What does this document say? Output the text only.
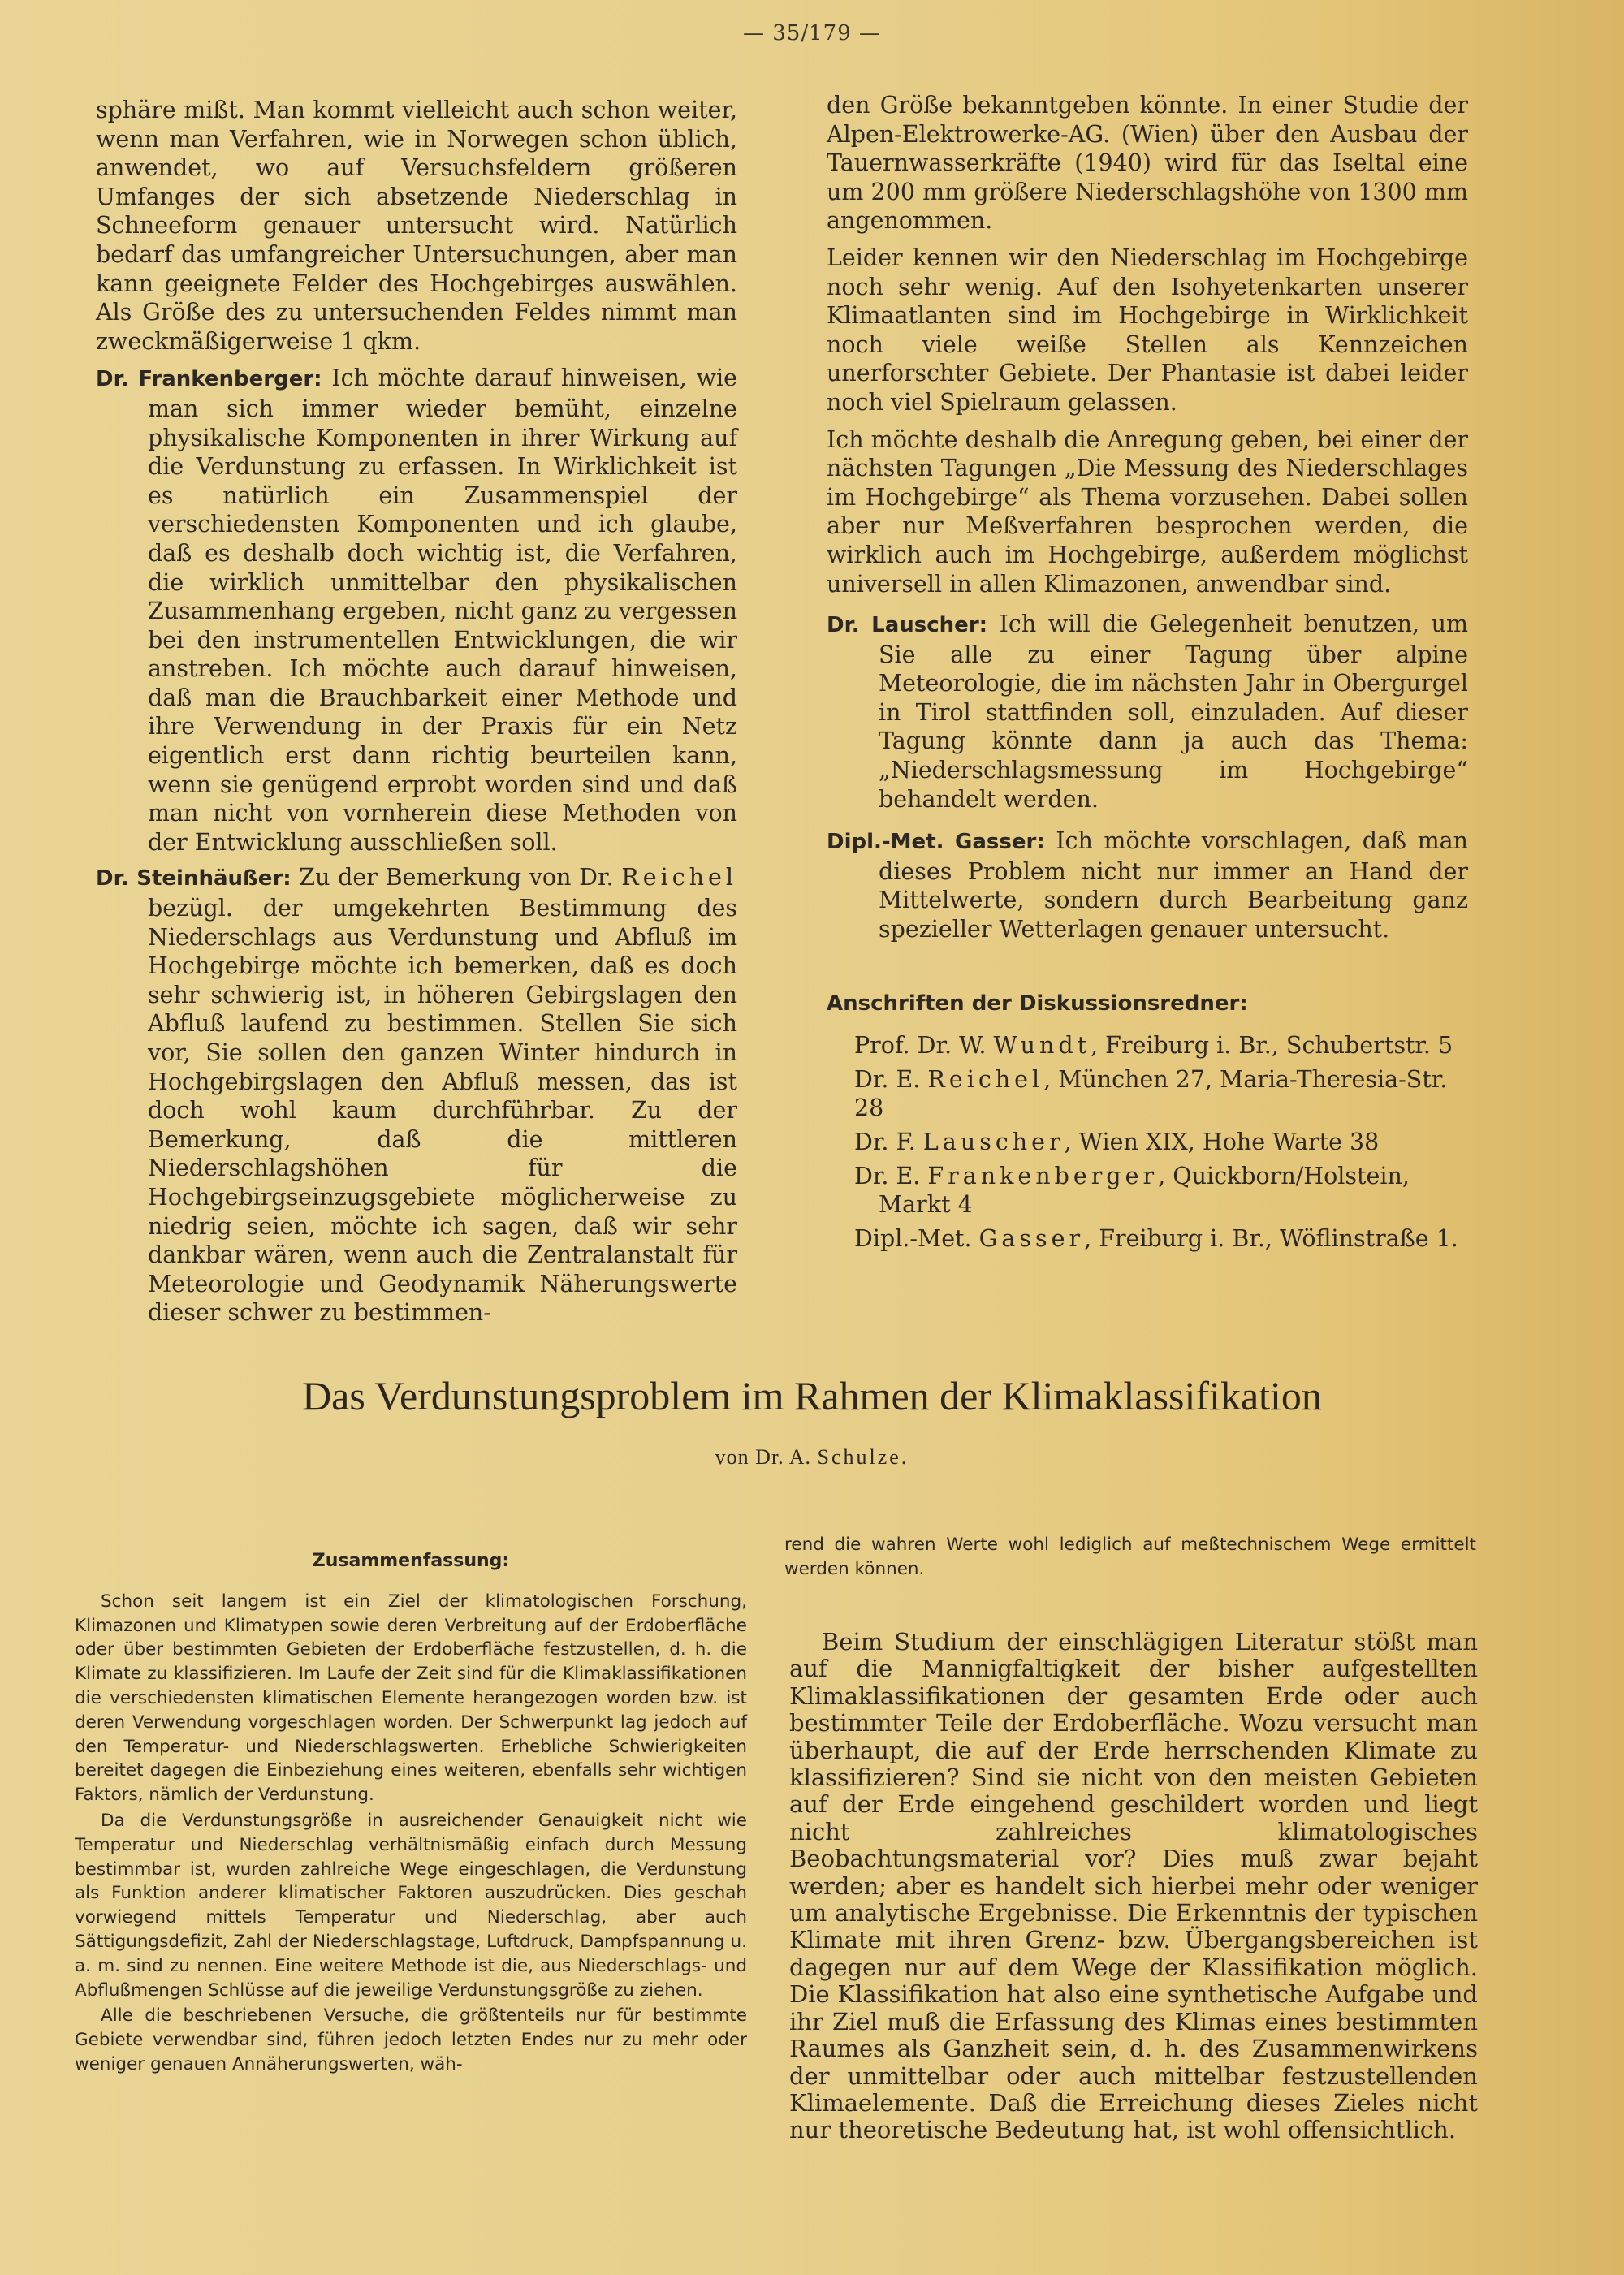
— 35/179 —

sphäre mißt. Man kommt vielleicht auch schon weiter, wenn man Verfahren, wie in Norwegen schon üblich, anwendet, wo auf Versuchsfeldern größeren Umfanges der sich absetzende Niederschlag in Schneeform genauer untersucht wird. Natürlich bedarf das umfangreicher Untersuchungen, aber man kann geeignete Felder des Hochgebirges auswählen. Als Größe des zu untersuchenden Feldes nimmt man zweckmäßigerweise 1 qkm.

Dr. Frankenberger: Ich möchte darauf hinweisen, wie man sich immer wieder bemüht, einzelne physikalische Komponenten in ihrer Wirkung auf die Verdunstung zu erfassen. In Wirklichkeit ist es natürlich ein Zusammenspiel der verschiedensten Komponenten und ich glaube, daß es deshalb doch wichtig ist, die Verfahren, die wirklich unmittelbar den physikalischen Zusammenhang ergeben, nicht ganz zu vergessen bei den instrumentellen Entwicklungen, die wir anstreben. Ich möchte auch darauf hinweisen, daß man die Brauchbarkeit einer Methode und ihre Verwendung in der Praxis für ein Netz eigentlich erst dann richtig beurteilen kann, wenn sie genügend erprobt worden sind und daß man nicht von vornherein diese Methoden von der Entwicklung ausschließen soll.
Dr. Steinhäußer: Zu der Bemerkung von Dr. Reichel bezügl. der umgekehrten Bestimmung des Niederschlags aus Verdunstung und Abfluß im Hochgebirge möchte ich bemerken, daß es doch sehr schwierig ist, in höheren Gebirgslagen den Abfluß laufend zu bestimmen. Stellen Sie sich vor, Sie sollen den ganzen Winter hindurch in Hochgebirgslagen den Abfluß messen, das ist doch wohl kaum durchführbar. Zu der Bemerkung, daß die mittleren Niederschlagshöhen für die Hochgebirgseinzugsgebiete möglicherweise zu niedrig seien, möchte ich sagen, daß wir sehr dankbar wären, wenn auch die Zentralanstalt für Meteorologie und Geodynamik Näherungswerte dieser schwer zu bestimmen-

den Größe bekanntgeben könnte. In einer Studie der Alpen-Elektrowerke-AG. (Wien) über den Ausbau der Tauernwasserkräfte (1940) wird für das Iseltal eine um 200 mm größere Niederschlagshöhe von 1300 mm angenommen.

Leider kennen wir den Niederschlag im Hochgebirge noch sehr wenig. Auf den Isohyetenkarten unserer Klimaatlanten sind im Hochgebirge in Wirklichkeit noch viele weiße Stellen als Kennzeichen unerforschter Gebiete. Der Phantasie ist dabei leider noch viel Spielraum gelassen.

Ich möchte deshalb die Anregung geben, bei einer der nächsten Tagungen „Die Messung des Niederschlages im Hochgebirge“ als Thema vorzusehen. Dabei sollen aber nur Meßverfahren besprochen werden, die wirklich auch im Hochgebirge, außerdem möglichst universell in allen Klimazonen, anwendbar sind.

Dr. Lauscher: Ich will die Gelegenheit benutzen, um Sie alle zu einer Tagung über alpine Meteorologie, die im nächsten Jahr in Obergurgel in Tirol stattfinden soll, einzuladen. Auf dieser Tagung könnte dann ja auch das Thema: „Niederschlagsmessung im Hochgebirge“ behandelt werden.
Dipl.-Met. Gasser: Ich möchte vorschlagen, daß man dieses Problem nicht nur immer an Hand der Mittelwerte, sondern durch Bearbeitung ganz spezieller Wetterlagen genauer untersucht.
Anschriften der Diskussionsredner:
Prof. Dr. W. Wundt, Freiburg i. Br., Schubertstr. 5
Dr. E. Reichel, München 27, Maria-Theresia-Str. 28
Dr. F. Lauscher, Wien XIX, Hohe Warte 38
Dr. E. Frankenberger, Quickborn/Holstein,
Markt 4
Dipl.-Met. Gasser, Freiburg i. Br., Wöflinstraße 1.
Das Verdunstungsproblem im Rahmen der Klimaklassifikation
von Dr. A. Schulze.
Zusammenfassung:

Schon seit langem ist ein Ziel der klimatologischen Forschung, Klimazonen und Klimatypen sowie deren Verbreitung auf der Erdoberfläche oder über bestimmten Gebieten der Erdoberfläche festzustellen, d. h. die Klimate zu klassifizieren. Im Laufe der Zeit sind für die Klimaklassifikationen die verschiedensten klimatischen Elemente herangezogen worden bzw. ist deren Verwendung vorgeschlagen worden. Der Schwerpunkt lag jedoch auf den Temperatur- und Niederschlagswerten. Erhebliche Schwierigkeiten bereitet dagegen die Einbeziehung eines weiteren, ebenfalls sehr wichtigen Faktors, nämlich der Verdunstung.

Da die Verdunstungsgröße in ausreichender Genauigkeit nicht wie Temperatur und Niederschlag verhältnismäßig einfach durch Messung bestimmbar ist, wurden zahlreiche Wege eingeschlagen, die Verdunstung als Funktion anderer klimatischer Faktoren auszudrücken. Dies geschah vorwiegend mittels Temperatur und Niederschlag, aber auch Sättigungsdefizit, Zahl der Niederschlagstage, Luftdruck, Dampfspannung u. a. m. sind zu nennen. Eine weitere Methode ist die, aus Niederschlags- und Abflußmengen Schlüsse auf die jeweilige Verdunstungsgröße zu ziehen.

Alle die beschriebenen Versuche, die größtenteils nur für bestimmte Gebiete verwendbar sind, führen jedoch letzten Endes nur zu mehr oder weniger genauen Annäherungswerten, wäh-

rend die wahren Werte wohl lediglich auf meßtechnischem Wege ermittelt werden können.

Beim Studium der einschlägigen Literatur stößt man auf die Mannigfaltigkeit der bisher aufgestellten Klimaklassifikationen der gesamten Erde oder auch bestimmter Teile der Erdoberfläche. Wozu versucht man überhaupt, die auf der Erde herrschenden Klimate zu klassifizieren? Sind sie nicht von den meisten Gebieten auf der Erde eingehend geschildert worden und liegt nicht zahlreiches klimatologisches Beobachtungsmaterial vor? Dies muß zwar bejaht werden; aber es handelt sich hierbei mehr oder weniger um analytische Ergebnisse. Die Erkenntnis der typischen Klimate mit ihren Grenz- bzw. Übergangsbereichen ist dagegen nur auf dem Wege der Klassifikation möglich. Die Klassifikation hat also eine synthetische Aufgabe und ihr Ziel muß die Erfassung des Klimas eines bestimmten Raumes als Ganzheit sein, d. h. des Zusammenwirkens der unmittelbar oder auch mittelbar festzustellenden Klimaelemente. Daß die Erreichung dieses Zieles nicht nur theoretische Bedeutung hat, ist wohl offensichtlich.
